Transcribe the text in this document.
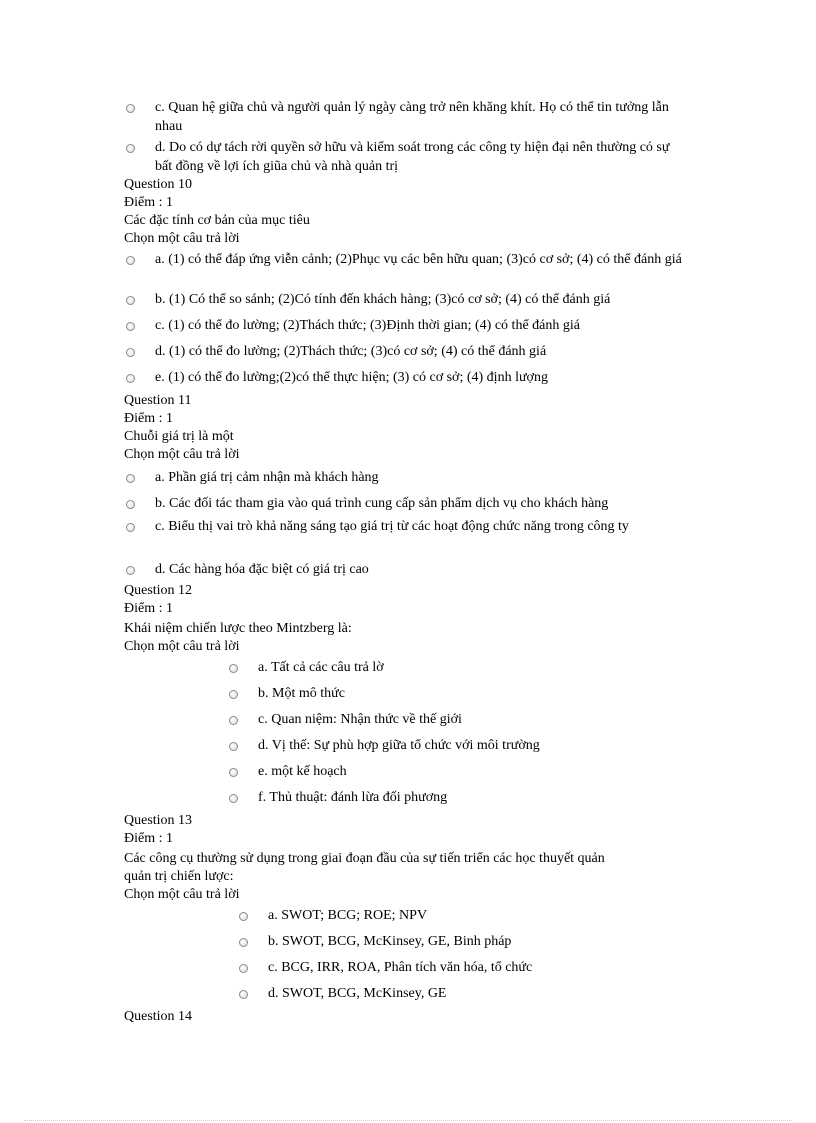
c. Quan hệ giữa chủ và người quản lý ngày càng trở nên khăng khít. Họ có thể tin tưởng lẫn nhau
d. Do có dự tách rời quyền sở hữu và kiểm soát trong các công ty hiện đại nên thường có sự bất đồng về lợi ích giũa chủ và nhà quản trị
Question 10
Điểm : 1
Các đặc tính cơ bản của mục tiêu
Chọn một câu trả lời
a. (1) có thể đáp ứng viễn cảnh; (2)Phục vụ các bên hữu quan; (3)có cơ sở; (4) có thể đánh giá
b. (1) Có thể so sánh; (2)Có tính đến khách hàng; (3)có cơ sở; (4) có thể đánh giá
c. (1) có thể đo lường; (2)Thách thức; (3)Định thời gian; (4) có thể đánh giá
d. (1) có thể đo lường; (2)Thách thức; (3)có cơ sở; (4) có thể đánh giá
e. (1) có thể đo lường;(2)có thể thực hiện; (3) có cơ sở; (4) định lượng
Question 11
Điểm : 1
Chuỗi giá trị là một
Chọn một câu trả lời
a. Phần giá trị cảm nhận mà khách hàng
b. Các đối tác tham gia vào quá trình cung cấp sản phẩm dịch vụ cho khách hàng
c. Biểu thị vai trò khả năng sáng tạo giá trị từ các hoạt động chức năng trong công ty
d. Các hàng hóa đặc biệt có giá trị cao
Question 12
Điểm : 1
Khái niệm chiến lược theo Mintzberg là:
Chọn một câu trả lời
a. Tất cả các câu trả lờ
b. Một mô thức
c. Quan niệm: Nhận thức về thế giới
d. Vị thế: Sự phù hợp giữa tổ chức với môi trường
e. một kế hoạch
f. Thủ thuật: đánh lừa đối phương
Question 13
Điểm : 1
Các công cụ thường sử dụng trong giai đoạn đầu của sự tiến triển các học thuyết quản
quản trị chiến lược:
Chọn một câu trả lời
a. SWOT; BCG; ROE; NPV
b. SWOT, BCG, McKinsey, GE, Binh pháp
c. BCG, IRR, ROA, Phân tích văn hóa, tổ chức
d. SWOT, BCG, McKinsey, GE
Question 14
